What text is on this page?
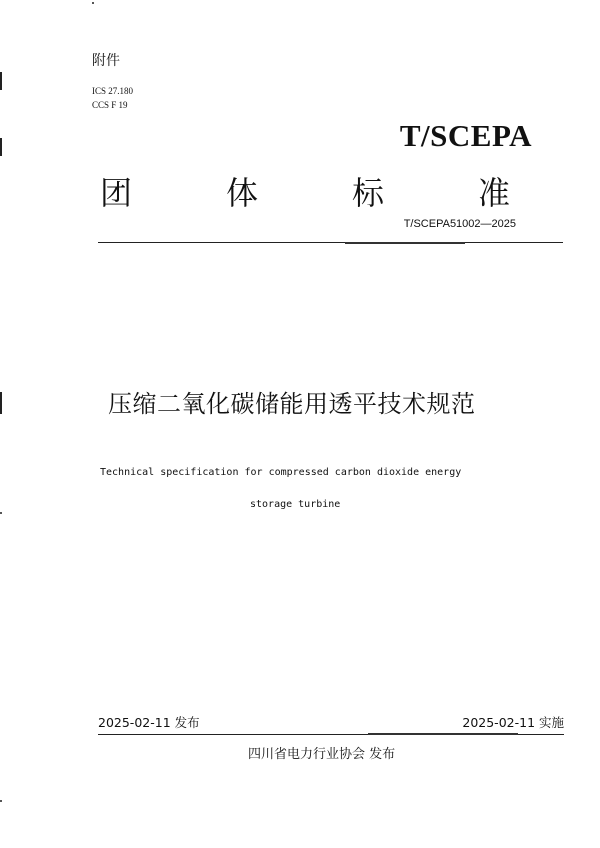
附件
ICS 27.180
CCS F 19
T/SCEPA
团	体	标	准
T/SCEPA51002—2025
压缩二氧化碳储能用透平技术规范
Technical specification for compressed carbon dioxide energy
storage turbine
2025-02-11 发布	2025-02-11 实施
四川省电力行业协会 发布
